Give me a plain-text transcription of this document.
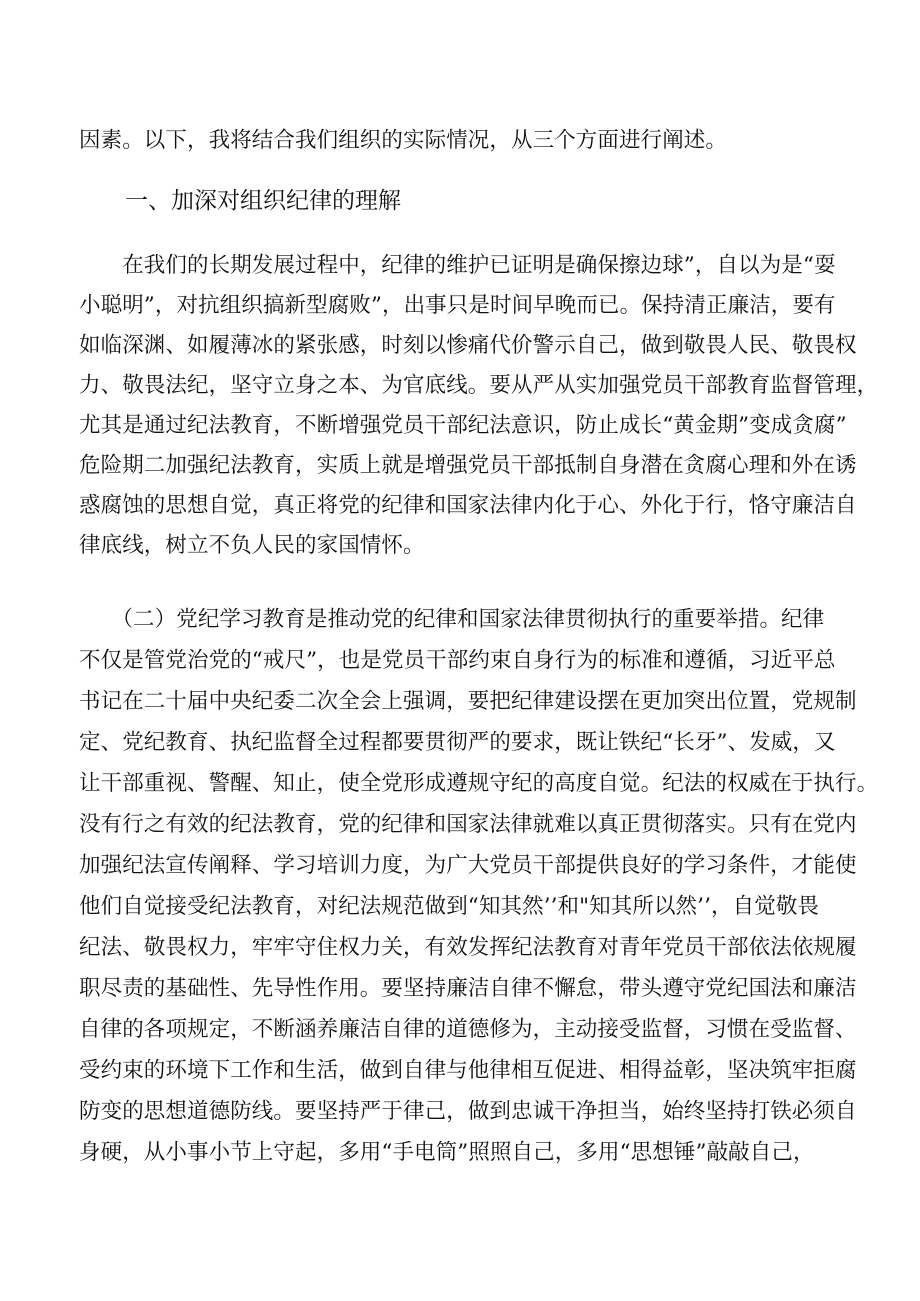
因素。以下，我将结合我们组织的实际情况，从三个方面进行阐述。
一、加深对组织纪律的理解
　　在我们的长期发展过程中，纪律的维护已证明是确保擦边球”，自以为是“耍
小聪明”，对抗组织搞新型腐败”，出事只是时间早晚而已。保持清正廉洁，要有
如临深渊、如履薄冰的紧张感，时刻以惨痛代价警示自己，做到敬畏人民、敬畏权
力、敬畏法纪，坚守立身之本、为官底线。要从严从实加强党员干部教育监督管理，
尤其是通过纪法教育，不断增强党员干部纪法意识，防止成长“黄金期”变成贪腐”
危险期二加强纪法教育，实质上就是增强党员干部抵制自身潜在贪腐心理和外在诱
惑腐蚀的思想自觉，真正将党的纪律和国家法律内化于心、外化于行，恪守廉洁自
律底线，树立不负人民的家国情怀。
　　（二）党纪学习教育是推动党的纪律和国家法律贯彻执行的重要举措。纪律
不仅是管党治党的“戒尺”，也是党员干部约束自身行为的标准和遵循，习近平总
书记在二十届中央纪委二次全会上强调，要把纪律建设摆在更加突出位置，党规制
定、党纪教育、执纪监督全过程都要贯彻严的要求，既让铁纪“长牙”、发威，又
让干部重视、警醒、知止，使全党形成遵规守纪的高度自觉。纪法的权威在于执行。
没有行之有效的纪法教育，党的纪律和国家法律就难以真正贯彻落实。只有在党内
加强纪法宣传阐释、学习培训力度，为广大党员干部提供良好的学习条件，才能使
他们自觉接受纪法教育，对纪法规范做到“知其然’’和"知其所以然’’，自觉敬畏
纪法、敬畏权力，牢牢守住权力关，有效发挥纪法教育对青年党员干部依法依规履
职尽责的基础性、先导性作用。要坚持廉洁自律不懈怠，带头遵守党纪国法和廉洁
自律的各项规定，不断涵养廉洁自律的道德修为，主动接受监督，习惯在受监督、
受约束的环境下工作和生活，做到自律与他律相互促进、相得益彰，坚决筑牢拒腐
防变的思想道德防线。要坚持严于律己，做到忠诚干净担当，始终坚持打铁必须自
身硬，从小事小节上守起，多用“手电筒”照照自己，多用“思想锤”敲敲自己，
